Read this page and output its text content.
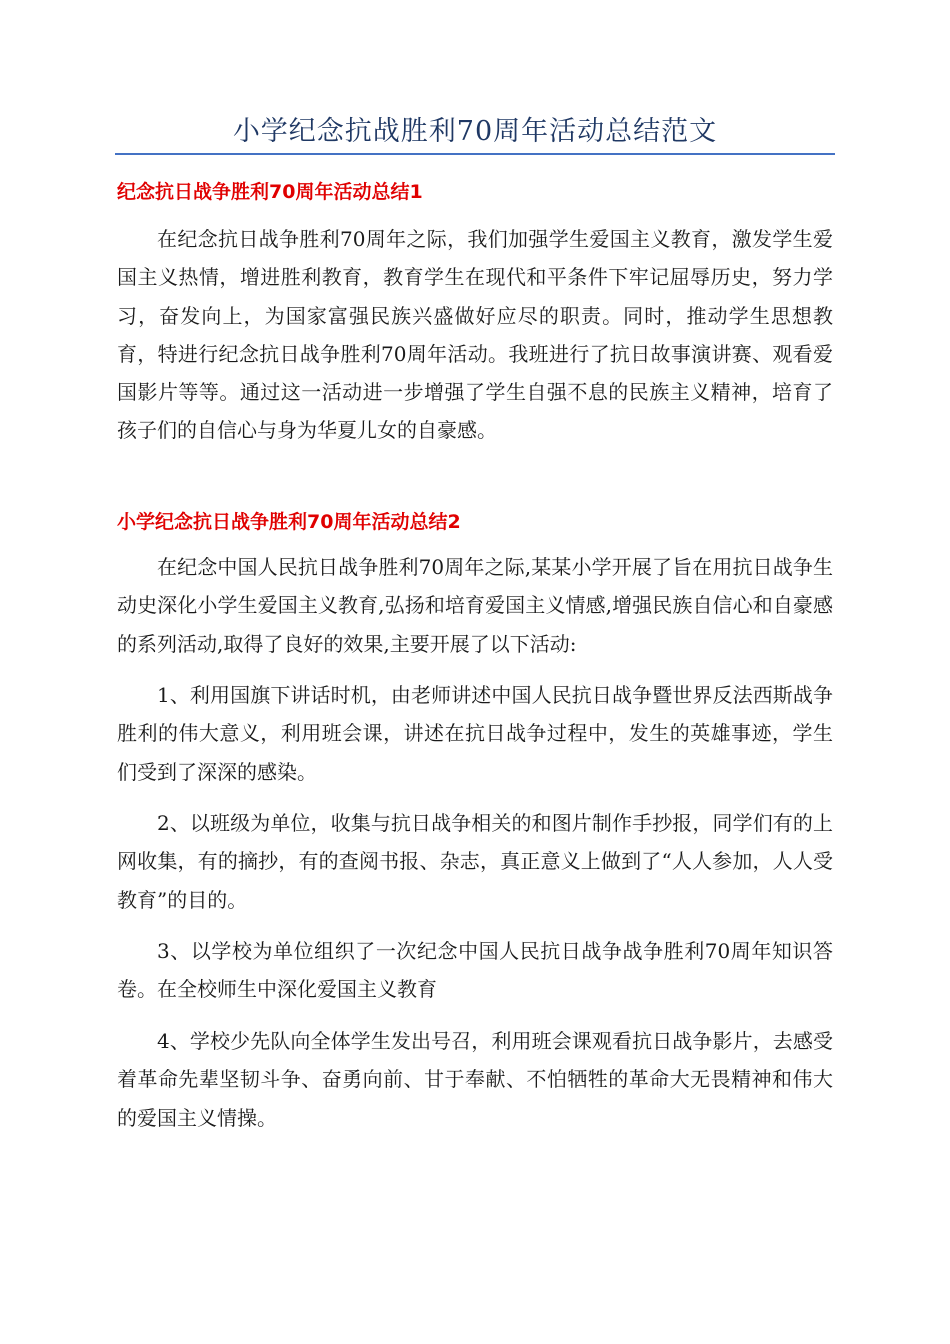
小学纪念抗战胜利70周年活动总结范文
纪念抗日战争胜利70周年活动总结1

在纪念抗日战争胜利70周年之际，我们加强学生爱国主义教育，激发学生爱国主义热情，增进胜利教育，教育学生在现代和平条件下牢记屈辱历史，努力学习，奋发向上，为国家富强民族兴盛做好应尽的职责。同时，推动学生思想教育，特进行纪念抗日战争胜利70周年活动。我班进行了抗日故事演讲赛、观看爱国影片等等。通过这一活动进一步增强了学生自强不息的民族主义精神，培育了孩子们的自信心与身为华夏儿女的自豪感。

小学纪念抗日战争胜利70周年活动总结2

在纪念中国人民抗日战争胜利70周年之际,某某小学开展了旨在用抗日战争生动史深化小学生爱国主义教育,弘扬和培育爱国主义情感,增强民族自信心和自豪感的系列活动,取得了良好的效果,主要开展了以下活动:

1、利用国旗下讲话时机，由老师讲述中国人民抗日战争暨世界反法西斯战争胜利的伟大意义，利用班会课，讲述在抗日战争过程中，发生的英雄事迹，学生们受到了深深的感染。

2、以班级为单位，收集与抗日战争相关的和图片制作手抄报，同学们有的上网收集，有的摘抄，有的查阅书报、杂志，真正意义上做到了“人人参加，人人受教育”的目的。

3、以学校为单位组织了一次纪念中国人民抗日战争战争胜利70周年知识答卷。在全校师生中深化爱国主义教育

4、学校少先队向全体学生发出号召，利用班会课观看抗日战争影片，去感受着革命先辈坚韧斗争、奋勇向前、甘于奉献、不怕牺牲的革命大无畏精神和伟大的爱国主义情操。
